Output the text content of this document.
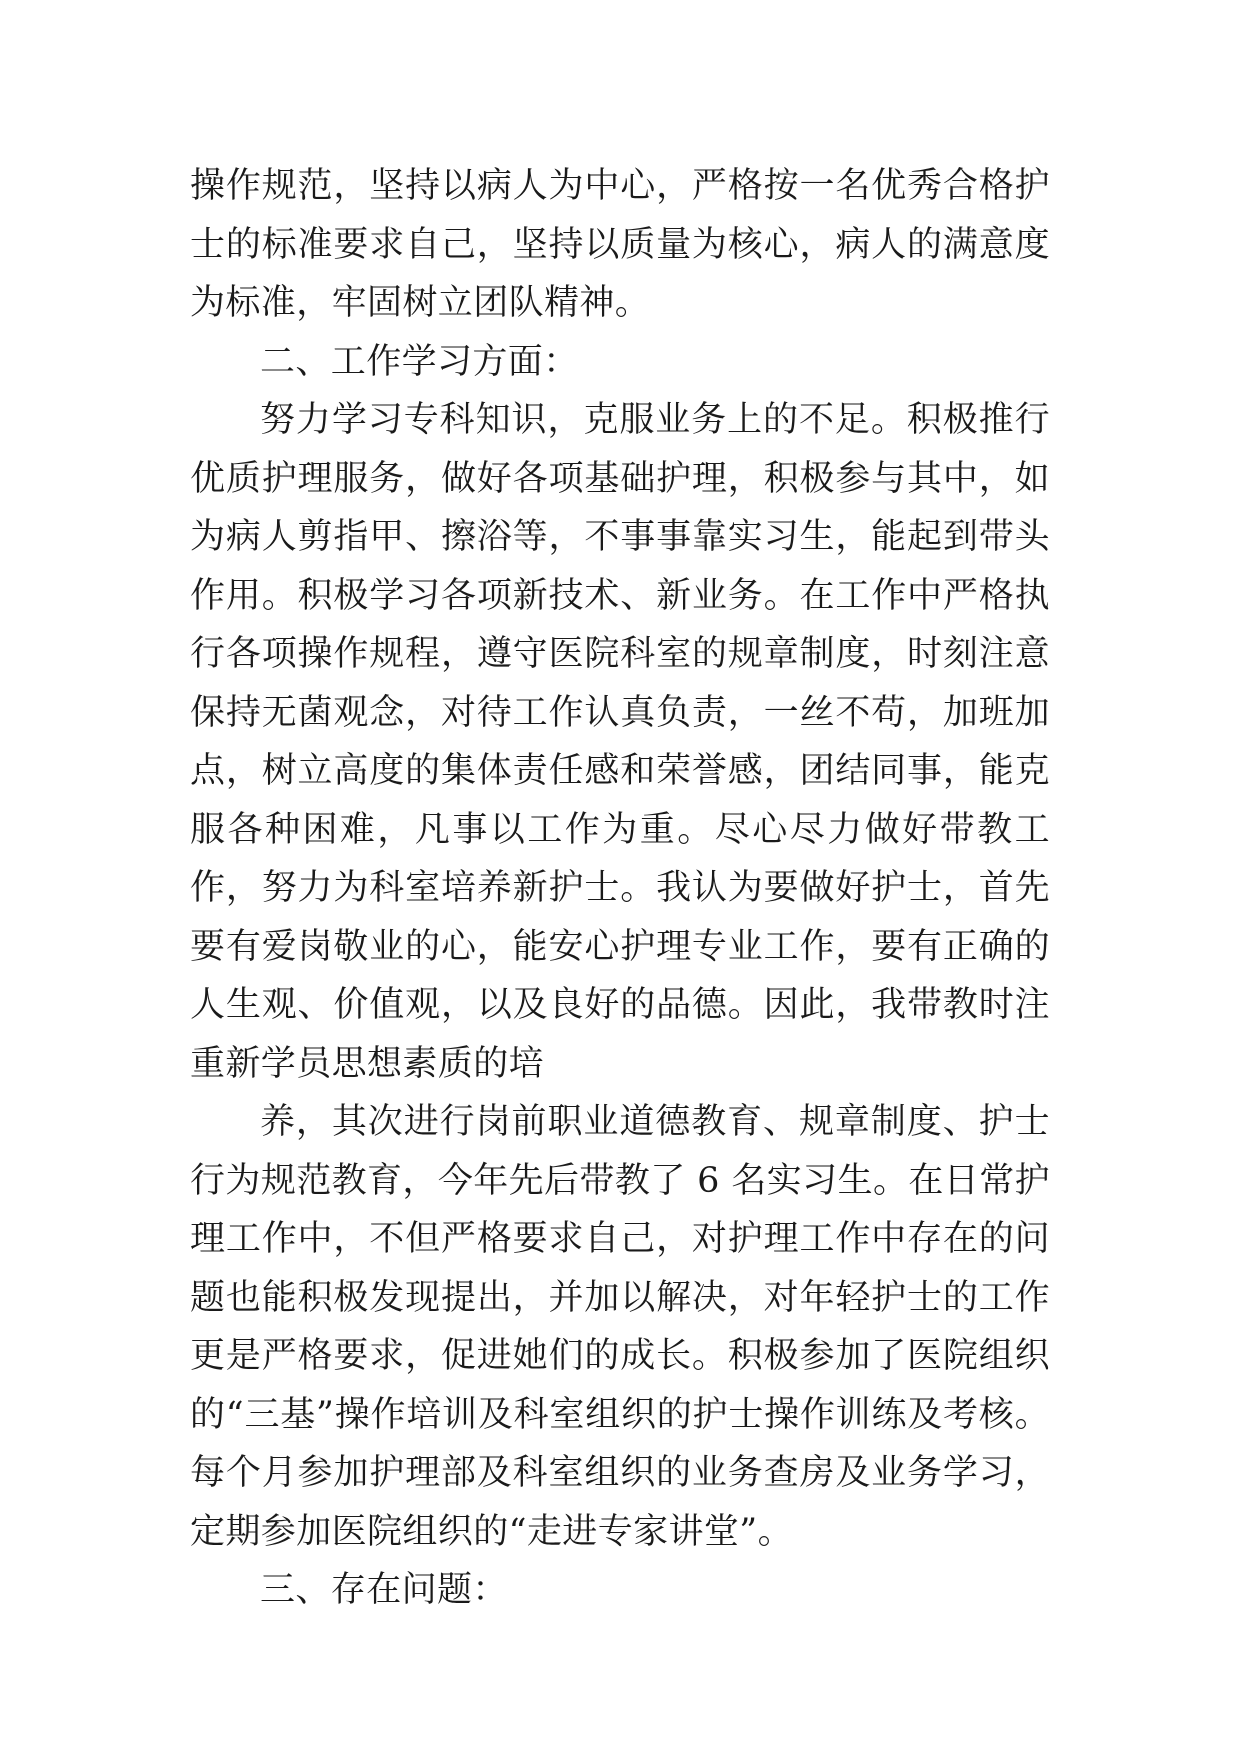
操作规范，坚持以病人为中心，严格按一名优秀合格护士的标准要求自己，坚持以质量为核心，病人的满意度为标准，牢固树立团队精神。
二、工作学习方面：
努力学习专科知识，克服业务上的不足。积极推行优质护理服务，做好各项基础护理，积极参与其中，如为病人剪指甲、擦浴等，不事事靠实习生，能起到带头作用。积极学习各项新技术、新业务。在工作中严格执行各项操作规程，遵守医院科室的规章制度，时刻注意保持无菌观念，对待工作认真负责，一丝不苟，加班加点，树立高度的集体责任感和荣誉感，团结同事，能克服各种困难，凡事以工作为重。尽心尽力做好带教工作，努力为科室培养新护士。我认为要做好护士，首先要有爱岗敬业的心，能安心护理专业工作，要有正确的人生观、价值观，以及良好的品德。因此，我带教时注重新学员思想素质的培
养，其次进行岗前职业道德教育、规章制度、护士行为规范教育，今年先后带教了 6 名实习生。在日常护理工作中，不但严格要求自己，对护理工作中存在的问题也能积极发现提出，并加以解决，对年轻护士的工作更是严格要求，促进她们的成长。积极参加了医院组织的“三基”操作培训及科室组织的护士操作训练及考核。每个月参加护理部及科室组织的业务查房及业务学习，定期参加医院组织的“走进专家讲堂”。
三、存在问题：
